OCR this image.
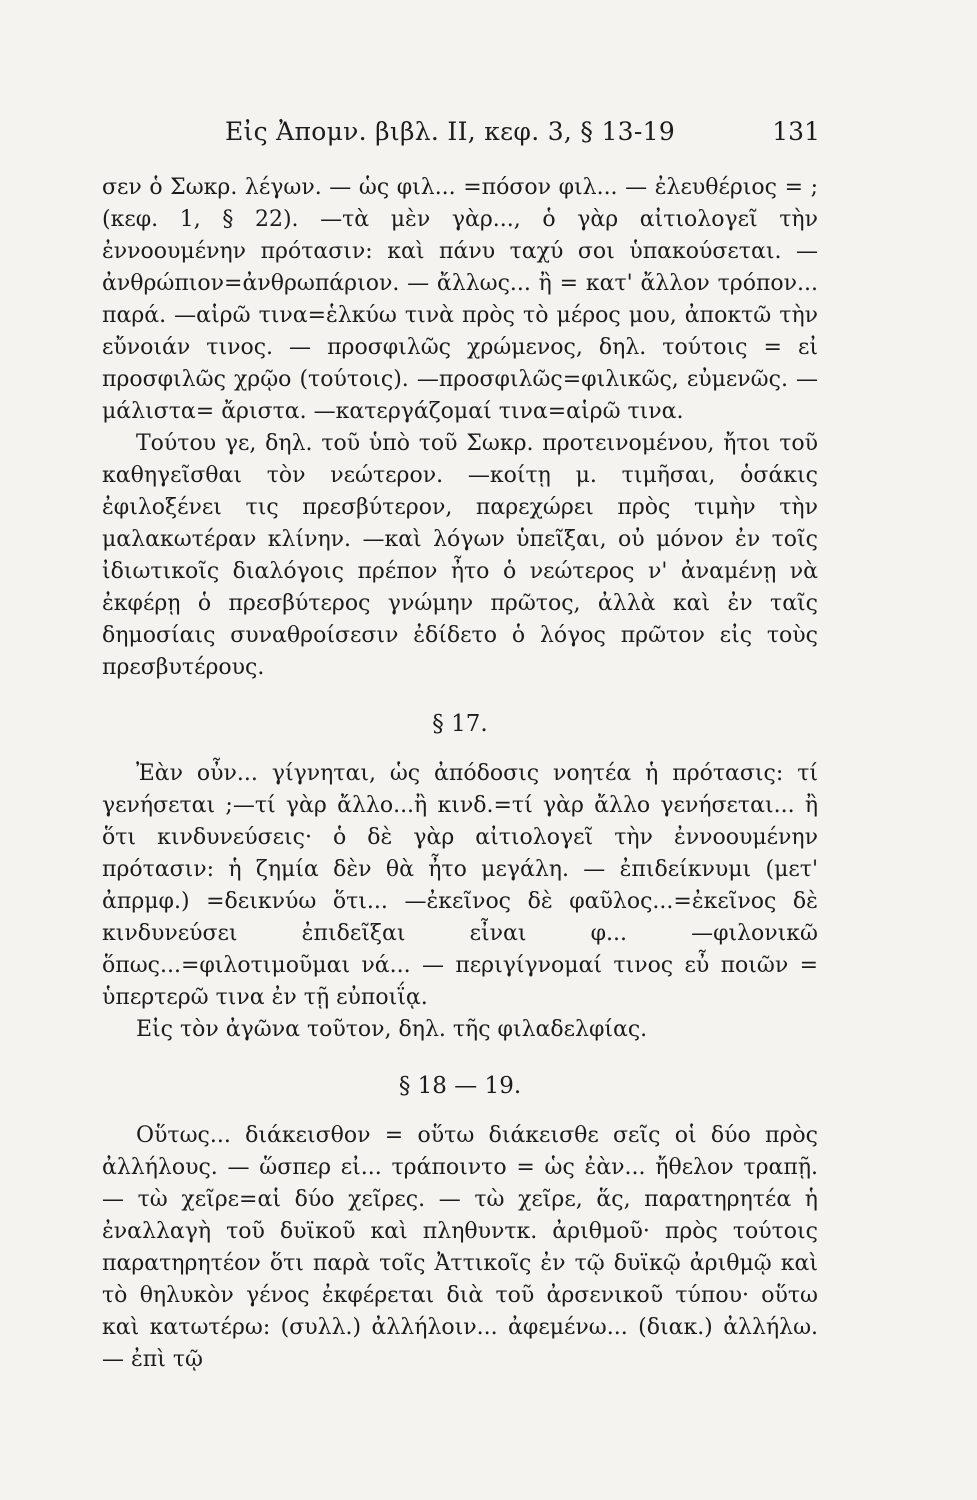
Εἰς Ἀπομν. βιβλ. ΙΙ, κεφ. 3, § 13-19	131

σεν ὁ Σωκρ. λέγων. — ὡς φιλ... =πόσον φιλ... — ἐλευθέριος = ; (κεφ. 1, § 22). —τὰ μὲν γὰρ..., ὁ γὰρ αἰτιολογεῖ τὴν ἐννοουμένην πρότασιν: καὶ πάνυ ταχύ σοι ὑπακούσεται. — ἀνθρώπιον=ἀνθρωπάριον. — ἄλλως... ἢ = κατ' ἄλλον τρόπον... παρά. —αἱρῶ τινα=ἑλκύω τινὰ πρὸς τὸ μέρος μου, ἀποκτῶ τὴν εὔνοιάν τινος. — προσφιλῶς χρώμενος, δηλ. τούτοις = εἰ προσφιλῶς χρῷο (τούτοις). —προσφιλῶς=φιλικῶς, εὐμενῶς. — μάλιστα= ἄριστα. —κατεργάζομαί τινα=αἱρῶ τινα.

Τούτου γε, δηλ. τοῦ ὑπὸ τοῦ Σωκρ. προτεινομένου, ἤτοι τοῦ καθηγεῖσθαι τὸν νεώτερον. —κοίτῃ μ. τιμῆσαι, ὁσάκις ἐφιλοξένει τις πρεσβύτερον, παρεχώρει πρὸς τιμὴν τὴν μαλακωτέραν κλίνην. —καὶ λόγων ὑπεῖξαι, οὐ μόνον ἐν τοῖς ἰδιωτικοῖς διαλόγοις πρέπον ἦτο ὁ νεώτερος ν' ἀναμένῃ νὰ ἐκφέρῃ ὁ πρεσβύτερος γνώμην πρῶτος, ἀλλὰ καὶ ἐν ταῖς δημοσίαις συναθροίσεσιν ἐδίδετο ὁ λόγος πρῶτον εἰς τοὺς πρεσβυτέρους.

§ 17.

Ἐὰν οὖν... γίγνηται, ὡς ἀπόδοσις νοητέα ἡ πρότασις: τί γενήσεται ;—τί γὰρ ἄλλο...ἢ κινδ.=τί γὰρ ἄλλο γενήσεται... ἢ ὅτι κινδυνεύσεις· ὁ δὲ γὰρ αἰτιολογεῖ τὴν ἐννοουμένην πρότασιν: ἡ ζημία δὲν θὰ ἦτο μεγάλη. — ἐπιδείκνυμι (μετ' ἀπρμφ.) =δεικνύω ὅτι... —ἐκεῖνος δὲ φαῦλος...=ἐκεῖνος δὲ κινδυνεύσει ἐπιδεῖξαι εἶναι φ... —φιλονικῶ ὅπως...=φιλοτιμοῦμαι νά... — περιγίγνομαί τινος εὖ ποιῶν = ὑπερτερῶ τινα ἐν τῇ εὐποιΐᾳ.

Εἰς τὸν ἀγῶνα τοῦτον, δηλ. τῆς φιλαδελφίας.

§ 18 — 19.

Οὕτως... διάκεισθον = οὕτω διάκεισθε σεῖς οἱ δύο πρὸς ἀλλήλους. — ὥσπερ εἰ... τράποιντο = ὡς ἐὰν... ἤθελον τραπῇ. — τὼ χεῖρε=αἱ δύο χεῖρες. — τὼ χεῖρε, ἅς, παρατηρητέα ἡ ἐναλλαγὴ τοῦ δυϊκοῦ καὶ πληθυντκ. ἀριθμοῦ· πρὸς τούτοις παρατηρητέον ὅτι παρὰ τοῖς Ἀττικοῖς ἐν τῷ δυϊκῷ ἀριθμῷ καὶ τὸ θηλυκὸν γένος ἐκφέρεται διὰ τοῦ ἀρσενικοῦ τύπου· οὕτω καὶ κατωτέρω: (συλλ.) ἀλλήλοιν... ἀφεμένω... (διακ.) ἀλλήλω. — ἐπὶ τῷ
